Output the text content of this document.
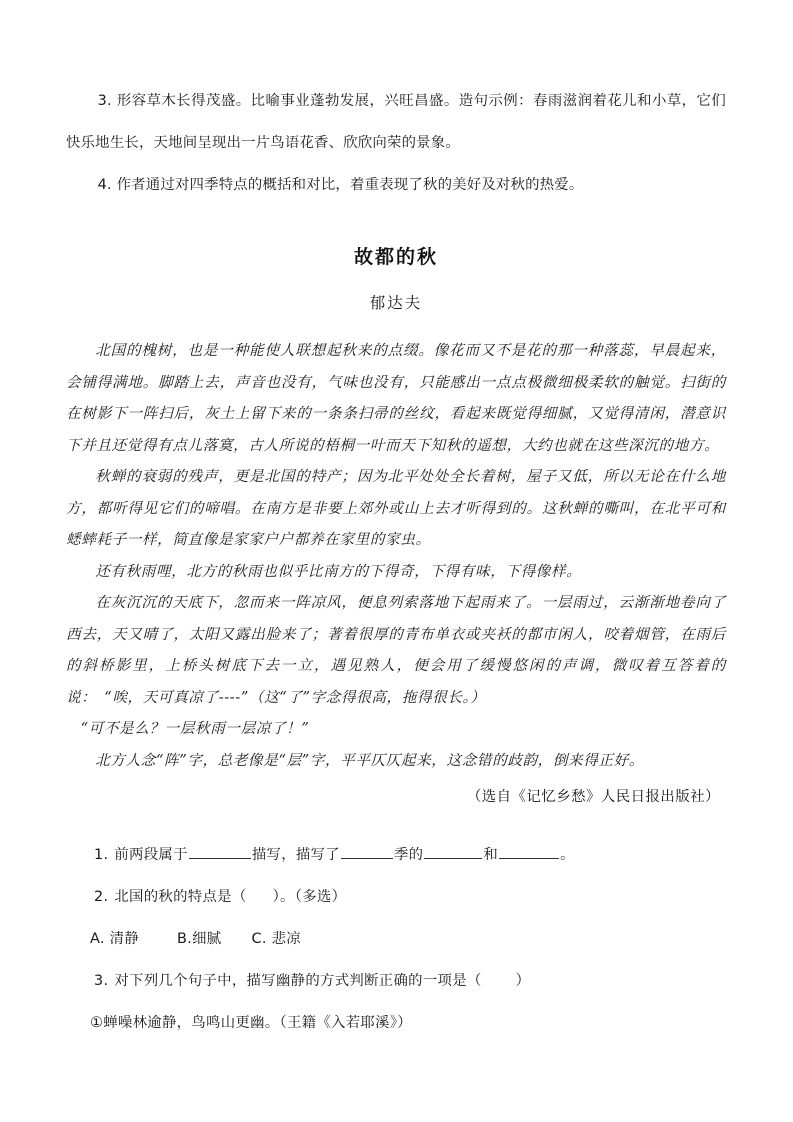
3. 形容草木长得茂盛。比喻事业蓬勃发展，兴旺昌盛。造句示例：春雨滋润着花儿和小草，它们快乐地生长，天地间呈现出一片鸟语花香、欣欣向荣的景象。
4. 作者通过对四季特点的概括和对比，着重表现了秋的美好及对秋的热爱。
故都的秋
郁达夫

北国的槐树，也是一种能使人联想起秋来的点缀。像花而又不是花的那一种落蕊，早晨起来，会铺得满地。脚踏上去，声音也没有，气味也没有，只能感出一点点极微细极柔软的触觉。扫街的在树影下一阵扫后，灰土上留下来的一条条扫帚的丝纹，看起来既觉得细腻，又觉得清闲，潜意识下并且还觉得有点儿落寞，古人所说的梧桐一叶而天下知秋的遥想，大约也就在这些深沉的地方。

秋蝉的衰弱的残声，更是北国的特产；因为北平处处全长着树，屋子又低，所以无论在什么地方，都听得见它们的啼唱。在南方是非要上郊外或山上去才听得到的。这秋蝉的嘶叫，在北平可和蟋蟀耗子一样，简直像是家家户户都养在家里的家虫。

还有秋雨哩，北方的秋雨也似乎比南方的下得奇，下得有味，下得像样。

在灰沉沉的天底下，忽而来一阵凉风，便息列索落地下起雨来了。一层雨过，云渐渐地卷向了西去，天又晴了，太阳又露出脸来了；著着很厚的青布单衣或夹袄的都市闲人，咬着烟管，在雨后的斜桥影里，上桥头树底下去一立，遇见熟人，便会用了缓慢悠闲的声调，微叹着互答着的说：　“唉，天可真凉了----”（这“了”字念得很高，拖得很长。）

“可不是么？一层秋雨一层凉了！”

北方人念“阵”字，总老像是“层”字，平平仄仄起来，这念错的歧韵，倒来得正好。

（选自《记忆乡愁》人民日报出版社）
1. 前两段属于	描写，描写了	季的	和	。
2. 北国的秋的特点是（ ）。（多选）
A. 清静	B.细腻 C. 悲凉
3. 对下列几个句子中，描写幽静的方式判断正确的一项是（ ）
①蝉噪林逾静，鸟鸣山更幽。（王籍《入若耶溪》）
